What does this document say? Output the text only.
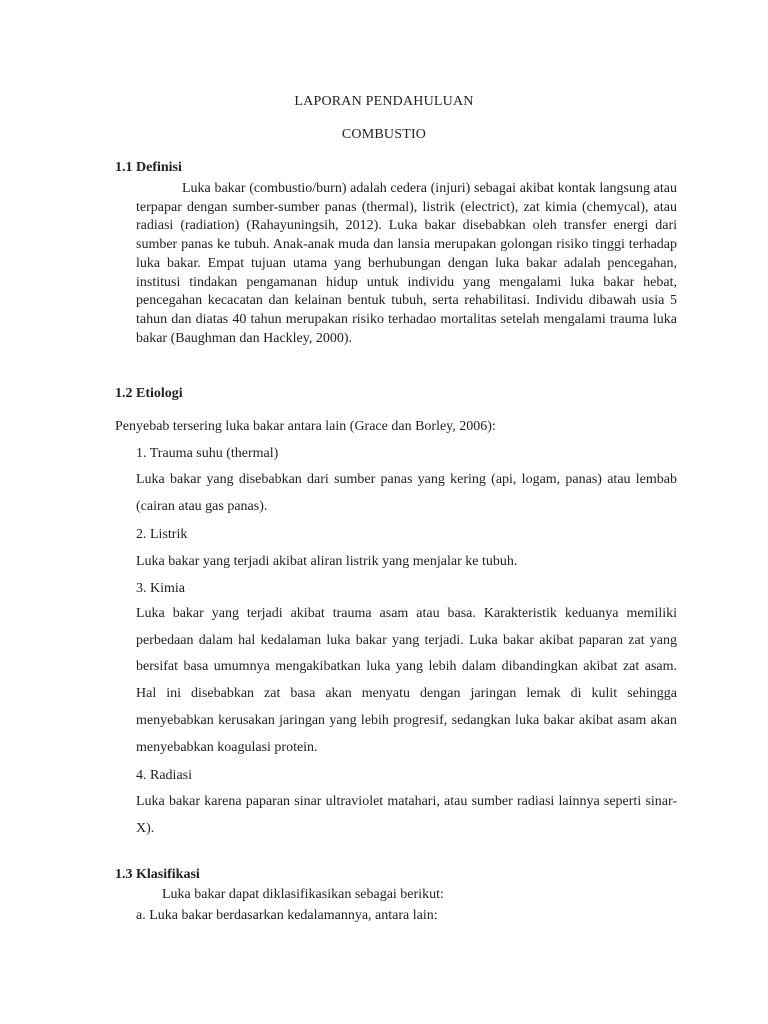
LAPORAN PENDAHULUAN
COMBUSTIO
1.1 Definisi

Luka bakar (combustio/burn) adalah cedera (injuri) sebagai akibat kontak langsung atau terpapar dengan sumber-sumber panas (thermal), listrik (electrict), zat kimia (chemycal), atau radiasi (radiation) (Rahayuningsih, 2012). Luka bakar disebabkan oleh transfer energi dari sumber panas ke tubuh. Anak-anak muda dan lansia merupakan golongan risiko tinggi terhadap luka bakar. Empat tujuan utama yang berhubungan dengan luka bakar adalah pencegahan, institusi tindakan pengamanan hidup untuk individu yang mengalami luka bakar hebat, pencegahan kecacatan dan kelainan bentuk tubuh, serta rehabilitasi. Individu dibawah usia 5 tahun dan diatas 40 tahun merupakan risiko terhadao mortalitas setelah mengalami trauma luka bakar (Baughman dan Hackley, 2000).

1.2 Etiologi
Penyebab tersering luka bakar antara lain (Grace dan Borley, 2006):
1. Trauma suhu (thermal)

Luka bakar yang disebabkan dari sumber panas yang kering (api, logam, panas) atau lembab (cairan atau gas panas).

2. Listrik
Luka bakar yang terjadi akibat aliran listrik yang menjalar ke tubuh.
3. Kimia

Luka bakar yang terjadi akibat trauma asam atau basa. Karakteristik keduanya memiliki perbedaan dalam hal kedalaman luka bakar yang terjadi. Luka bakar akibat paparan zat yang bersifat basa umumnya mengakibatkan luka yang lebih dalam dibandingkan akibat zat asam. Hal ini disebabkan zat basa akan menyatu dengan jaringan lemak di kulit sehingga menyebabkan kerusakan jaringan yang lebih progresif, sedangkan luka bakar akibat asam akan menyebabkan koagulasi protein.

4. Radiasi

Luka bakar karena paparan sinar ultraviolet matahari, atau sumber radiasi lainnya seperti sinar-X).

1.3 Klasifikasi
Luka bakar dapat diklasifikasikan sebagai berikut:
a. Luka bakar berdasarkan kedalamannya, antara lain:
